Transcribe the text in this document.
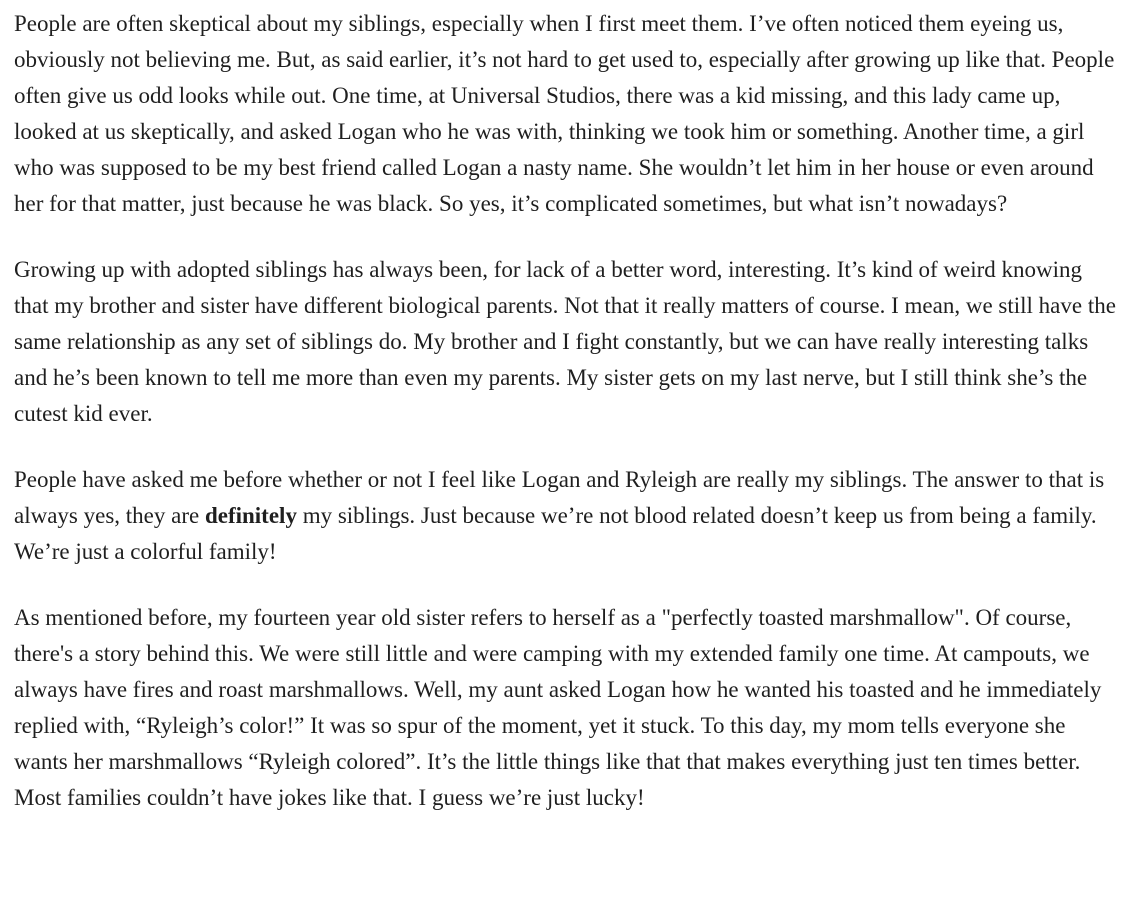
People are often skeptical about my siblings, especially when I first meet them. I’ve often noticed them eyeing us, obviously not believing me. But, as said earlier, it’s not hard to get used to, especially after growing up like that. People often give us odd looks while out. One time, at Universal Studios, there was a kid missing, and this lady came up, looked at us skeptically, and asked Logan who he was with, thinking we took him or something. Another time, a girl who was supposed to be my best friend called Logan a nasty name. She wouldn’t let him in her house or even around her for that matter, just because he was black. So yes, it’s complicated sometimes, but what isn’t nowadays?

Growing up with adopted siblings has always been, for lack of a better word, interesting. It’s kind of weird knowing that my brother and sister have different biological parents. Not that it really matters of course. I mean, we still have the same relationship as any set of siblings do. My brother and I fight constantly, but we can have really interesting talks and he’s been known to tell me more than even my parents. My sister gets on my last nerve, but I still think she’s the cutest kid ever.

People have asked me before whether or not I feel like Logan and Ryleigh are really my siblings. The answer to that is always yes, they are definitely my siblings. Just because we’re not blood related doesn’t keep us from being a family. We’re just a colorful family!

As mentioned before, my fourteen year old sister refers to herself as a "perfectly toasted marshmallow". Of course, there's a story behind this. We were still little and were camping with my extended family one time. At campouts, we always have fires and roast marshmallows. Well, my aunt asked Logan how he wanted his toasted and he immediately replied with, “Ryleigh’s color!” It was so spur of the moment, yet it stuck. To this day, my mom tells everyone she wants her marshmallows “Ryleigh colored”. It’s the little things like that that makes everything just ten times better. Most families couldn’t have jokes like that. I guess we’re just lucky!
